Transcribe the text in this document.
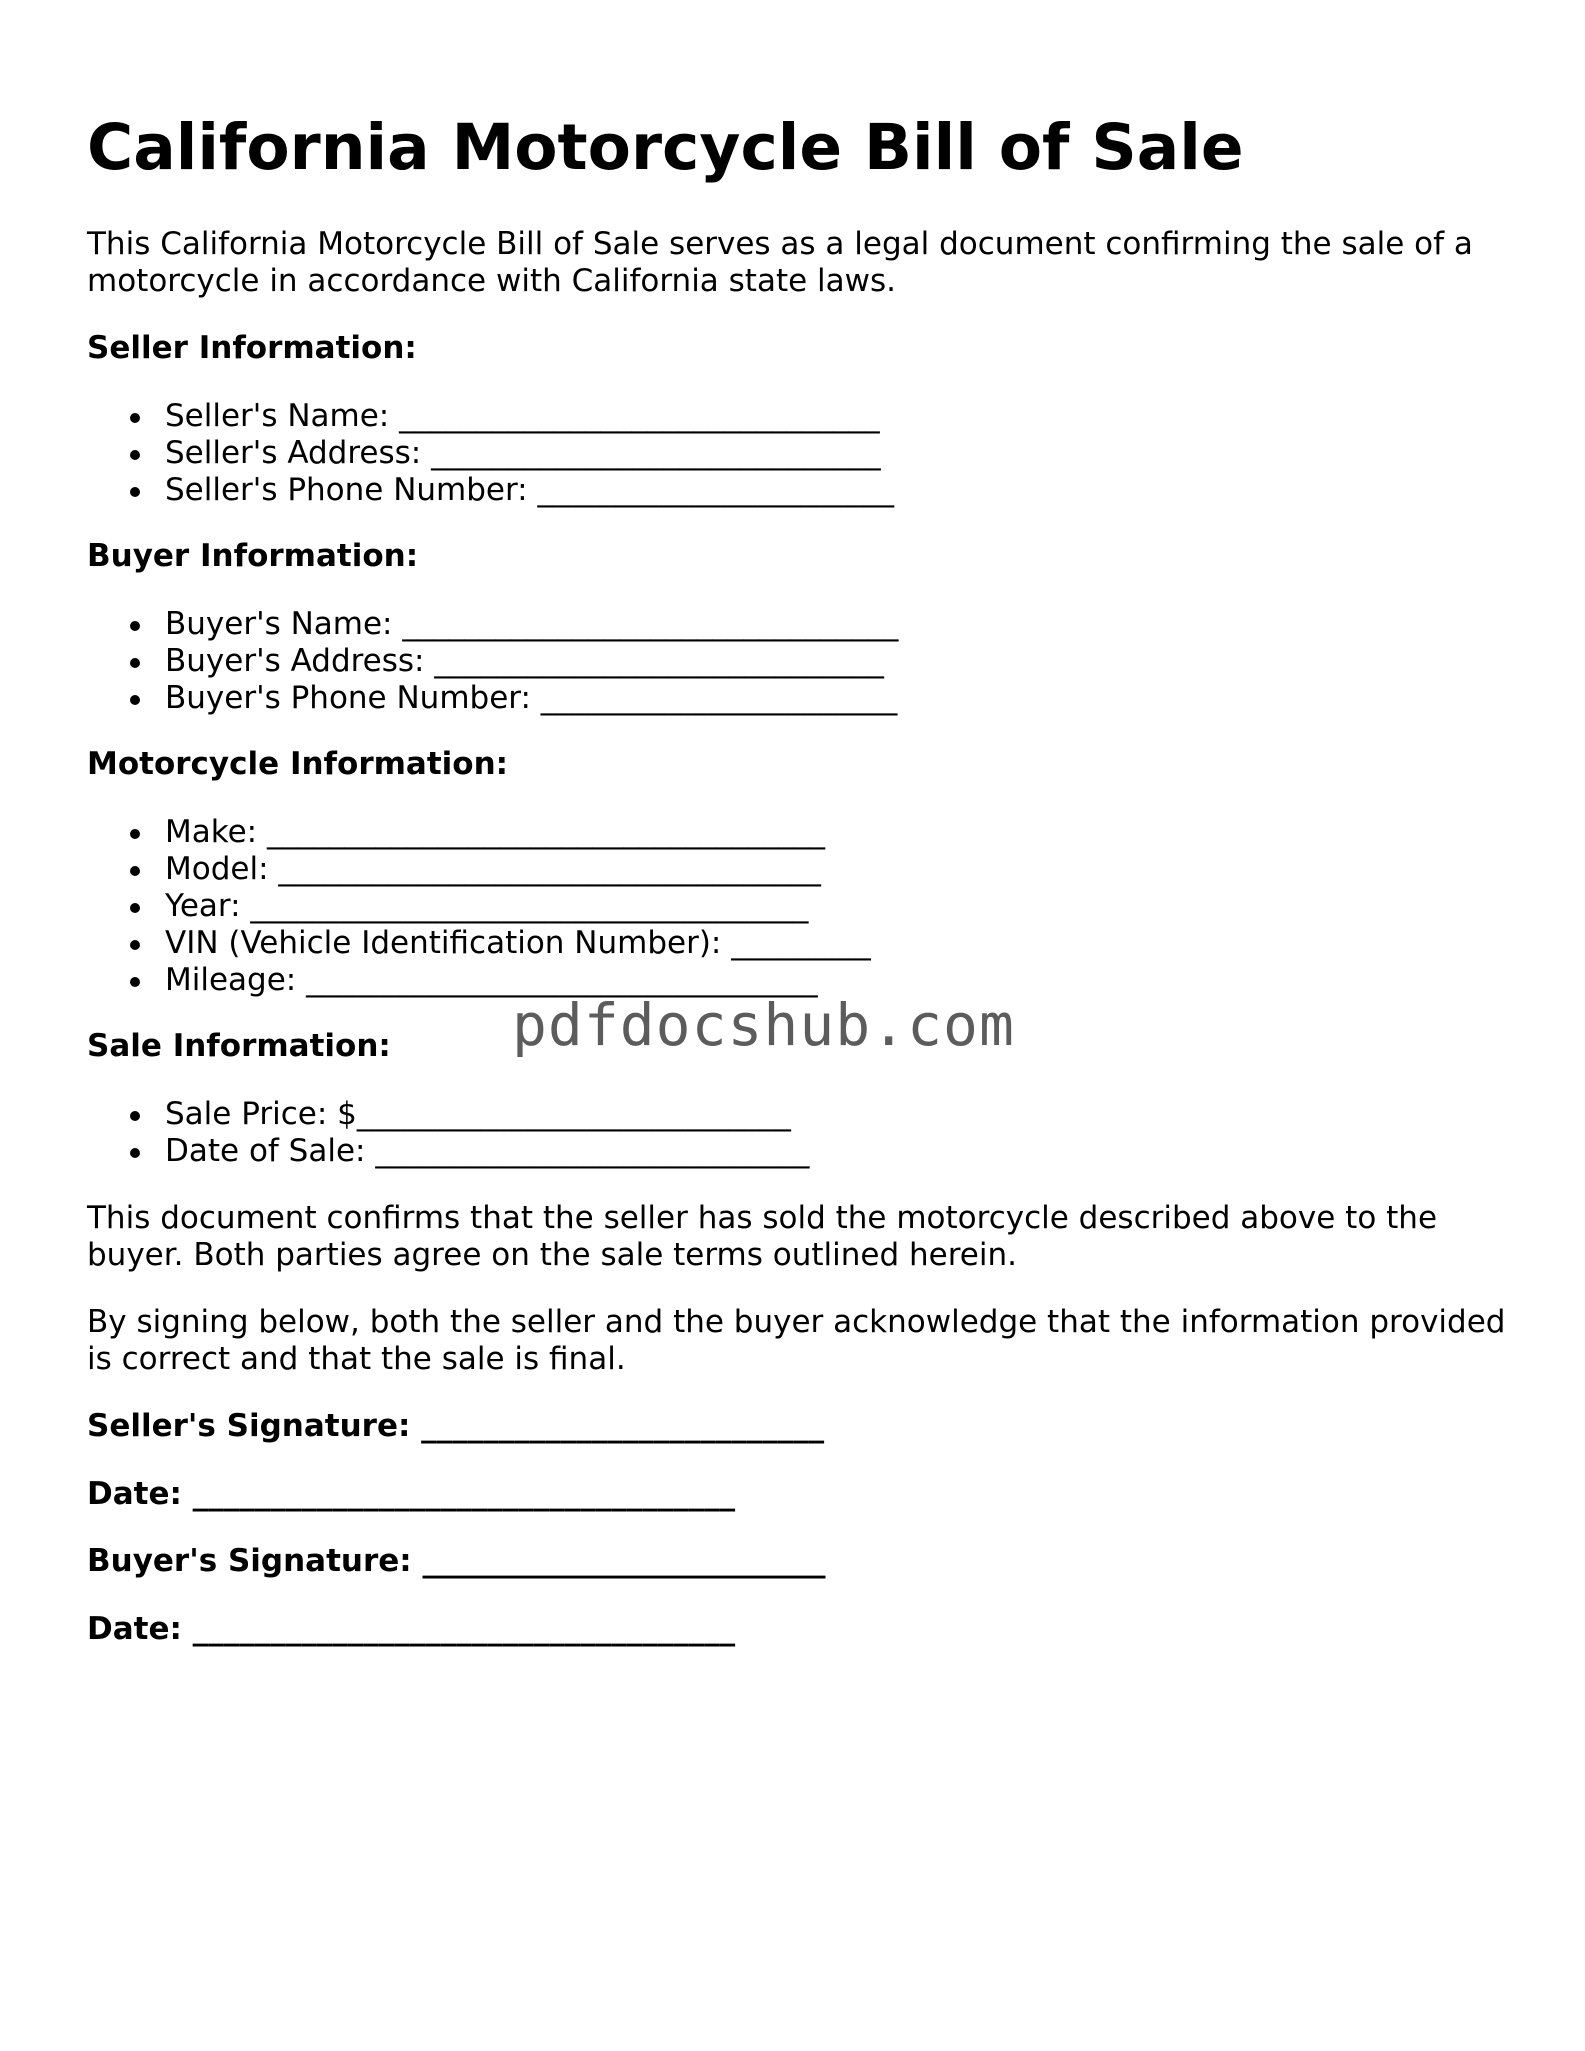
California Motorcycle Bill of Sale

This California Motorcycle Bill of Sale serves as a legal document confirming the sale of a motorcycle in accordance with California state laws.

Seller Information:

Seller's Name: _______________________________
Seller's Address: _____________________________
Seller's Phone Number: _______________________

Buyer Information:

Buyer's Name: ________________________________
Buyer's Address: _____________________________
Buyer's Phone Number: _______________________

Motorcycle Information:

Make: ____________________________________
Model: ___________________________________
Year: ____________________________________
VIN (Vehicle Identification Number): _________
Mileage: _________________________________

Sale Information:

Sale Price: $____________________________
Date of Sale: ____________________________

This document confirms that the seller has sold the motorcycle described above to the buyer. Both parties agree on the sale terms outlined herein.

By signing below, both the seller and the buyer acknowledge that the information provided is correct and that the sale is final.

Seller's Signature: __________________________

Date: ___________________________________

Buyer's Signature: __________________________

Date: ___________________________________

pdfdocshub.com
